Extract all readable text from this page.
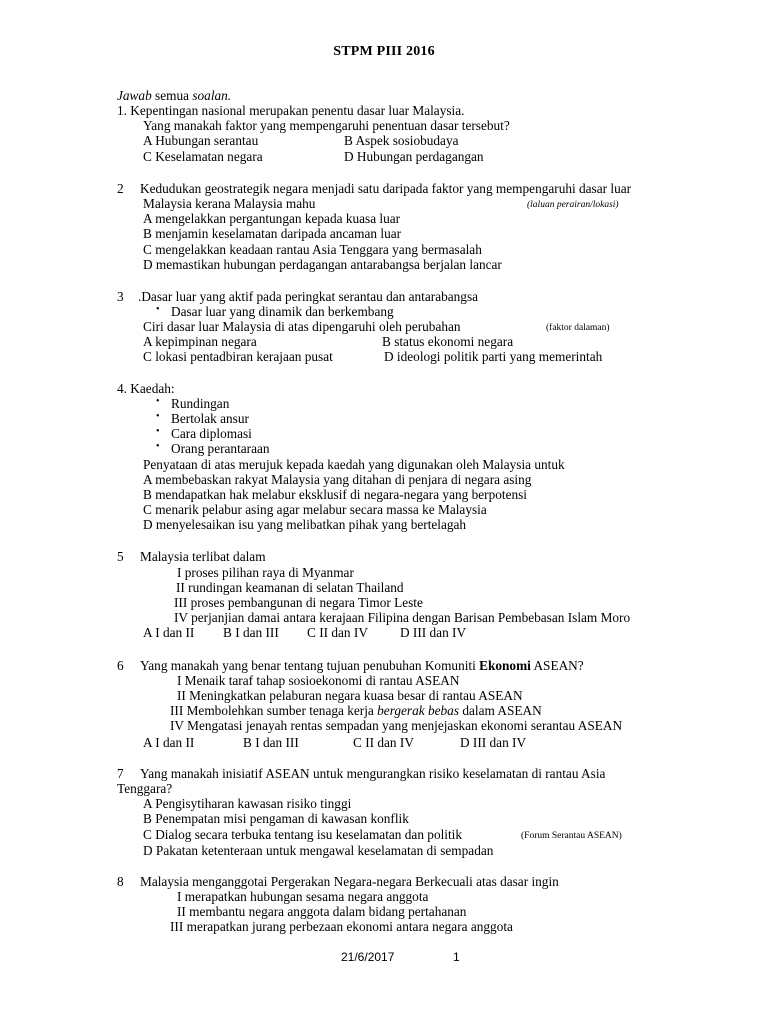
STPM PIII 2016
Jawab semua soalan.
1. Kepentingan nasional merupakan penentu dasar luar Malaysia.
Yang manakah faktor yang mempengaruhi penentuan dasar tersebut?
A Hubungan serantau	B Aspek sosiobudaya
C Keselamatan negara	D Hubungan perdagangan
2 Kedudukan geostrategik negara menjadi satu daripada faktor yang mempengaruhi dasar luar
Malaysia kerana Malaysia mahu	(laluan perairan/lokasi)
A mengelakkan pergantungan kepada kuasa luar
B menjamin keselamatan daripada ancaman luar
C mengelakkan keadaan rantau Asia Tenggara yang bermasalah
D memastikan hubungan perdagangan antarabangsa berjalan lancar
3 .Dasar luar yang aktif pada peringkat serantau dan antarabangsa
• Dasar luar yang dinamik dan berkembang
Ciri dasar luar Malaysia di atas dipengaruhi oleh perubahan	(faktor dalaman)
A kepimpinan negara	B status ekonomi negara
C lokasi pentadbiran kerajaan pusat	D ideologi politik parti yang memerintah
4. Kaedah:
• Rundingan
• Bertolak ansur
• Cara diplomasi
• Orang perantaraan
Penyataan di atas merujuk kepada kaedah yang digunakan oleh Malaysia untuk
A membebaskan rakyat Malaysia yang ditahan di penjara di negara asing
B mendapatkan hak melabur eksklusif di negara-negara yang berpotensi
C menarik pelabur asing agar melabur secara massa ke Malaysia
D menyelesaikan isu yang melibatkan pihak yang bertelagah
5 Malaysia terlibat dalam
I proses pilihan raya di Myanmar
II rundingan keamanan di selatan Thailand
III proses pembangunan di negara Timor Leste
IV perjanjian damai antara kerajaan Filipina dengan Barisan Pembebasan Islam Moro
A I dan II B I dan III C II dan IV D III dan IV
6 Yang manakah yang benar tentang tujuan penubuhan Komuniti Ekonomi ASEAN?
I Menaik taraf tahap sosioekonomi di rantau ASEAN
II Meningkatkan pelaburan negara kuasa besar di rantau ASEAN
III Membolehkan sumber tenaga kerja bergerak bebas dalam ASEAN
IV Mengatasi jenayah rentas sempadan yang menjejaskan ekonomi serantau ASEAN
A I dan II	B I dan III	C II dan IV	D III dan IV
7 Yang manakah inisiatif ASEAN untuk mengurangkan risiko keselamatan di rantau Asia
Tenggara?
A Pengisytiharan kawasan risiko tinggi
B Penempatan misi pengaman di kawasan konflik
C Dialog secara terbuka tentang isu keselamatan dan politik	(Forum Serantau ASEAN)
D Pakatan ketenteraan untuk mengawal keselamatan di sempadan
8 Malaysia menganggotai Pergerakan Negara-negara Berkecuali atas dasar ingin
I merapatkan hubungan sesama negara anggota
II membantu negara anggota dalam bidang pertahanan
III merapatkan jurang perbezaan ekonomi antara negara anggota
21/6/2017	1
